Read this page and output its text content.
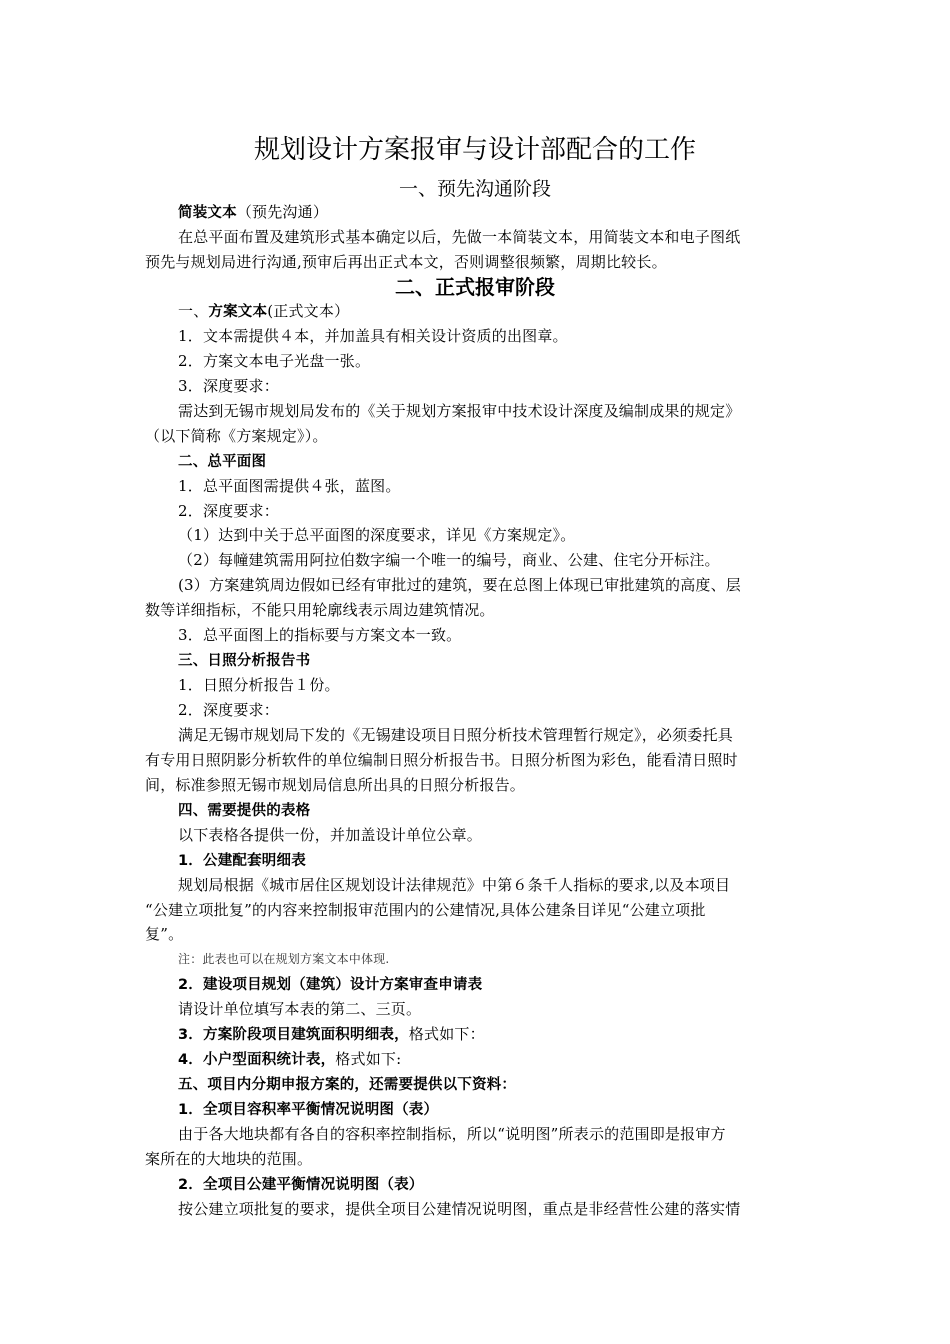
规划设计方案报审与设计部配合的工作
一、预先沟通阶段
简装文本（预先沟通）
在总平面布置及建筑形式基本确定以后，先做一本简装文本，用简装文本和电子图纸
预先与规划局进行沟通,预审后再出正式本文，否则调整很频繁，周期比较长。
二、正式报审阶段
一、方案文本(正式文本）
1．文本需提供４本，并加盖具有相关设计资质的出图章。
2．方案文本电子光盘一张。
3．深度要求：
需达到无锡市规划局发布的《关于规划方案报审中技术设计深度及编制成果的规定》
（以下简称《方案规定》）。
二、总平面图
1．总平面图需提供４张，蓝图。
2．深度要求：
（1）达到中关于总平面图的深度要求，详见《方案规定》。
（2）每幢建筑需用阿拉伯数字编一个唯一的编号，商业、公建、住宅分开标注。
(3）方案建筑周边假如已经有审批过的建筑，要在总图上体现已审批建筑的高度、层
数等详细指标，不能只用轮廓线表示周边建筑情况。
3．总平面图上的指标要与方案文本一致。
三、日照分析报告书
1．日照分析报告１份。
2．深度要求：
满足无锡市规划局下发的《无锡建设项目日照分析技术管理暂行规定》，必须委托具
有专用日照阴影分析软件的单位编制日照分析报告书。日照分析图为彩色，能看清日照时
间，标准参照无锡市规划局信息所出具的日照分析报告。
四、需要提供的表格
以下表格各提供一份，并加盖设计单位公章。
1．公建配套明细表
规划局根据《城市居住区规划设计法律规范》中第６条千人指标的要求,以及本项目
“公建立项批复”的内容来控制报审范围内的公建情况,具体公建条目详见“公建立项批
复”。
注：此表也可以在规划方案文本中体现.
2．建设项目规划（建筑）设计方案审查申请表
请设计单位填写本表的第二、三页。
3．方案阶段项目建筑面积明细表，格式如下：
4．小户型面积统计表，格式如下:
五、项目内分期申报方案的，还需要提供以下资料：
1．全项目容积率平衡情况说明图（表）
由于各大地块都有各自的容积率控制指标，所以“说明图”所表示的范围即是报审方
案所在的大地块的范围。
2．全项目公建平衡情况说明图（表）
按公建立项批复的要求，提供全项目公建情况说明图，重点是非经营性公建的落实情
